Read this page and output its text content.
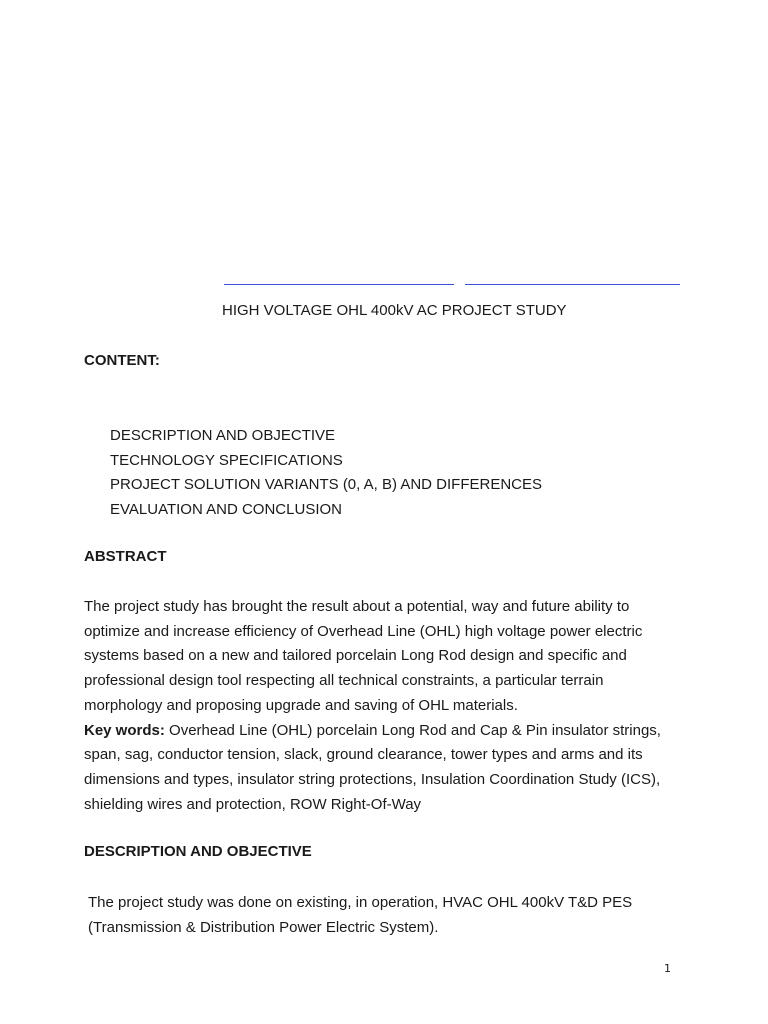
HIGH VOLTAGE OHL 400kV AC PROJECT STUDY
CONTENT:
DESCRIPTION AND OBJECTIVE
TECHNOLOGY SPECIFICATIONS
PROJECT SOLUTION VARIANTS (0, A, B) AND DIFFERENCES
EVALUATION AND CONCLUSION
ABSTRACT

The project study has brought the result about a potential, way and future ability to optimize and increase efficiency of Overhead Line (OHL) high voltage power electric systems based on a new and tailored porcelain Long Rod design and specific and professional design tool respecting all technical constraints, a particular terrain morphology and proposing upgrade and saving of OHL materials.

Key words: Overhead Line (OHL) porcelain Long Rod and Cap & Pin insulator strings, span, sag, conductor tension, slack, ground clearance, tower types and arms and its dimensions and types, insulator string protections, Insulation Coordination Study (ICS), shielding wires and protection, ROW Right-Of-Way

DESCRIPTION AND OBJECTIVE

The project study was done on existing, in operation, HVAC OHL 400kV T&D PES (Transmission & Distribution Power Electric System).

1
